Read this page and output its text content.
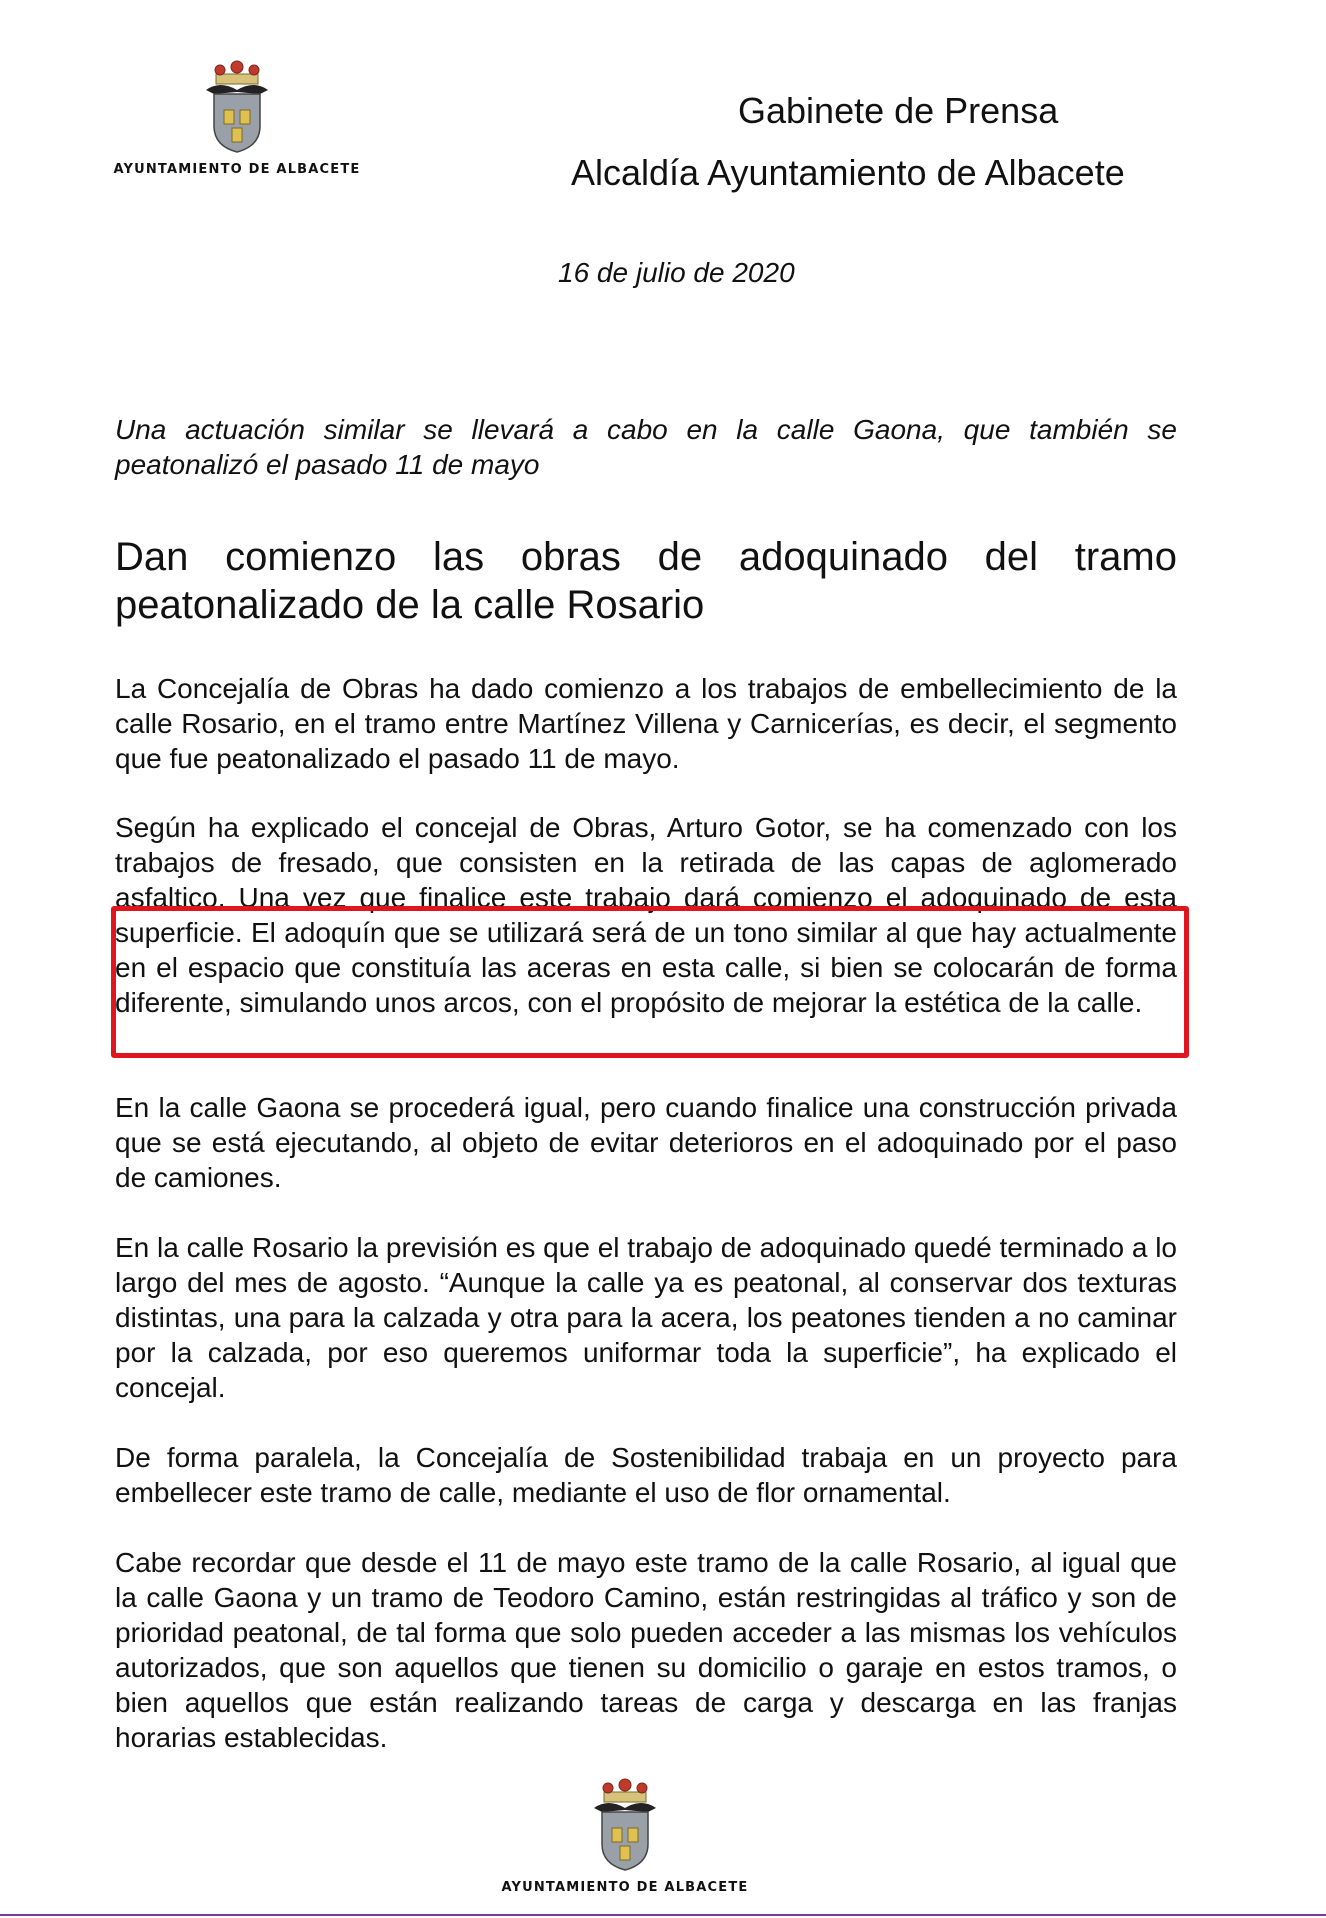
AYUNTAMIENTO DE ALBACETE
Gabinete de Prensa
Alcaldía Ayuntamiento de Albacete
16 de julio de 2020

Una actuación similar se llevará a cabo en la calle Gaona, que también se peatonalizó el pasado 11 de mayo

Dan comienzo las obras de adoquinado del tramo peatonalizado de la calle Rosario

La Concejalía de Obras ha dado comienzo a los trabajos de embellecimiento de la calle Rosario, en el tramo entre Martínez Villena y Carnicerías, es decir, el segmento que fue peatonalizado el pasado 11 de mayo.

Según ha explicado el concejal de Obras, Arturo Gotor, se ha comenzado con los trabajos de fresado, que consisten en la retirada de las capas de aglomerado asfaltico. Una vez que finalice este trabajo dará comienzo el adoquinado de esta superficie. El adoquín que se utilizará será de un tono similar al que hay actualmente en el espacio que constituía las aceras en esta calle, si bien se colocarán de forma diferente, simulando unos arcos, con el propósito de mejorar la estética de la calle.

En la calle Gaona se procederá igual, pero cuando finalice una construcción privada que se está ejecutando, al objeto de evitar deterioros en el adoquinado por el paso de camiones.

En la calle Rosario la previsión es que el trabajo de adoquinado quedé terminado a lo largo del mes de agosto. “Aunque la calle ya es peatonal, al conservar dos texturas distintas, una para la calzada y otra para la acera, los peatones tienden a no caminar por la calzada, por eso queremos uniformar toda la superficie”, ha explicado el concejal.

De forma paralela, la Concejalía de Sostenibilidad trabaja en un proyecto para embellecer este tramo de calle, mediante el uso de flor ornamental.

Cabe recordar que desde el 11 de mayo este tramo de la calle Rosario, al igual que la calle Gaona y un tramo de Teodoro Camino, están restringidas al tráfico y son de prioridad peatonal, de tal forma que solo pueden acceder a las mismas los vehículos autorizados, que son aquellos que tienen su domicilio o garaje en estos tramos, o bien aquellos que están realizando tareas de carga y descarga en las franjas horarias establecidas.

AYUNTAMIENTO DE ALBACETE
